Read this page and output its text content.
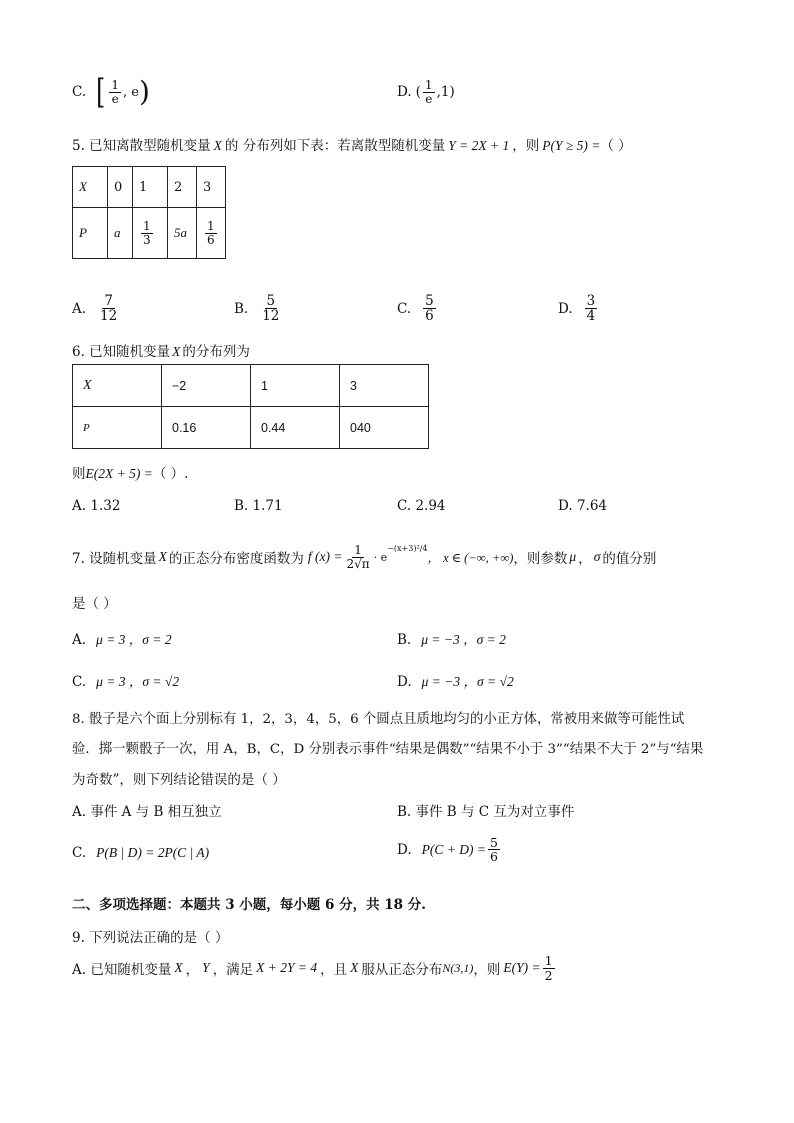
C. [ $\frac{1}{e}$ , e )	D. ( $\frac{1}{e} ,1$)
5. 已知离散型随机变量 X 的 分布列如下表：若离散型随机变量 Y = 2X + 1 ，则 P(Y ≥ 5) =（ ）
X	0	1	2	3
P	a	$\frac{1}{3}$	5a	$\frac{1}{6}$
A. $\frac{7}{12}$	B. $\frac{5}{12}$	C. $\frac{5}{6}$	D. $\frac{3}{4}$
6. 已知随机变量 X 的分布列为
X	−2	1	3
P	0.16	0.44	040
则E(2X + 5) =（ ）.
A. 1.32	B. 1.71	C. 2.94	D. 7.64
7. 设随机变量 X 的正态分布密度函数为 f $(x) = \frac{1}{2√\pi} \cdot e$
−(x+3)²/4
， x ∈ (−∞, +∞) ，则参数 μ ， σ 的值分别
是（ ）
A. μ = 3 ，σ = 2	B. μ = −3 ，σ = 2
C. μ = 3 ，σ = √2	D. μ = −3 ，σ = √2
8. 骰子是六个面上分别标有 1，2，3，4，5，6 个圆点且质地均匀的小正方体，常被用来做等可能性试
验．掷一颗骰子一次，用 A，B，C，D 分别表示事件“结果是偶数”“结果不小于 3”“结果不大于 2”与“结果
为奇数”，则下列结论错误的是（ ）
A. 事件 A 与 B 相互独立	B. 事件 B 与 C 互为对立事件
C. P(B | D) = 2P(C | A)	D. $P(C + D) = \frac{5}{6}$
二、多项选择题：本题共 3 小题，每小题 6 分，共 18 分.
9. 下列说法正确的是（ ）
A. 已知随机变量 X ， Y ，满足 X + 2Y = 4 ，且 X 服从正态分布 N(3,1) ，则 $E(Y) = \frac{1}{2}$
